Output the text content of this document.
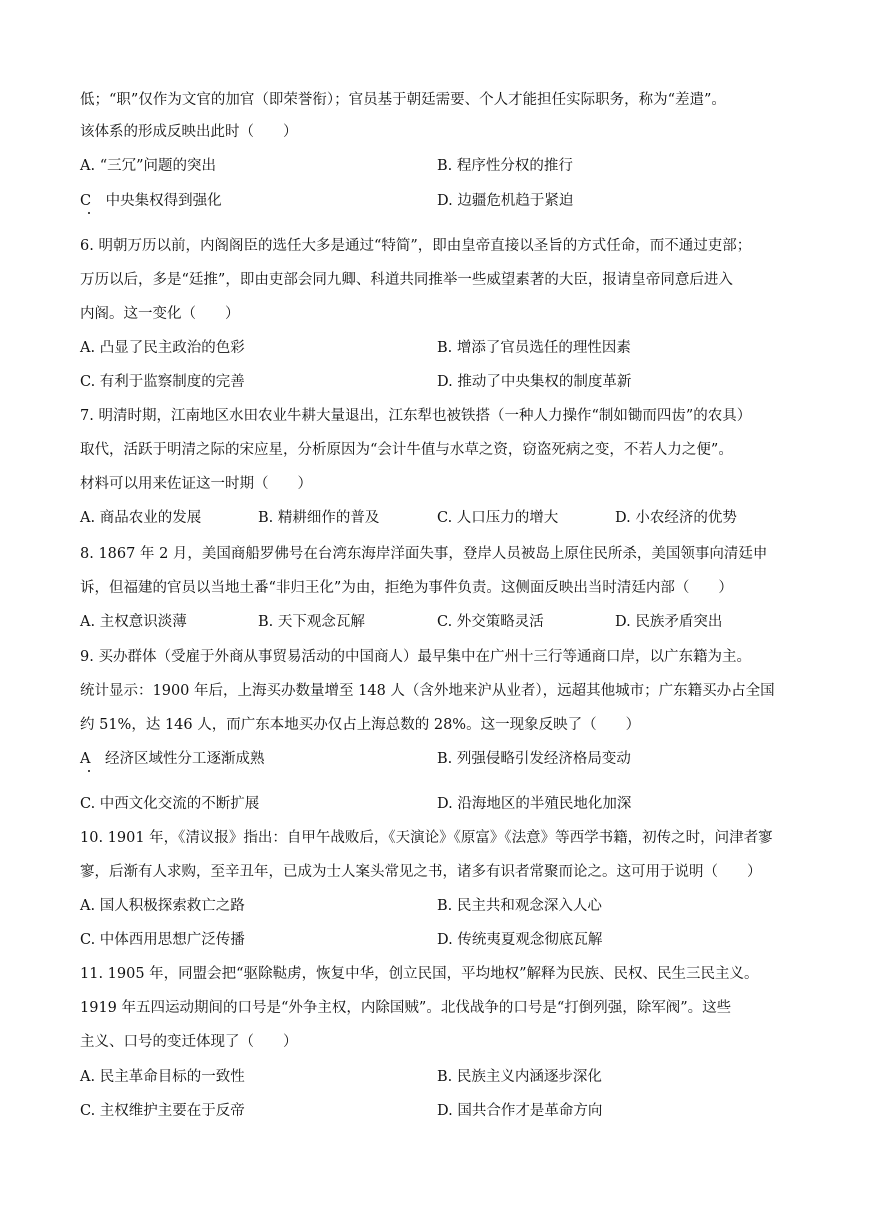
低；“职”仅作为文官的加官（即荣誉衔）；官员基于朝廷需要、个人才能担任实际职务，称为“差遣”。
该体系的形成反映出此时（　　）
A. “三冗”问题的突出	B. 程序性分权的推行
C　中央集权得到强化	D. 边疆危机趋于紧迫
6. 明朝万历以前，内阁阁臣的选任大多是通过“特简”，即由皇帝直接以圣旨的方式任命，而不通过吏部；
万历以后，多是“廷推”，即由吏部会同九卿、科道共同推举一些威望素著的大臣，报请皇帝同意后进入
内阁。这一变化（　　）
A. 凸显了民主政治的色彩	B. 增添了官员选任的理性因素
C. 有利于监察制度的完善	D. 推动了中央集权的制度革新
7. 明清时期，江南地区水田农业牛耕大量退出，江东犁也被铁搭（一种人力操作“制如锄而四齿”的农具）
取代，活跃于明清之际的宋应星，分析原因为“会计牛值与水草之资，窃盗死病之变，不若人力之便”。
材料可以用来佐证这一时期（　　）
A. 商品农业的发展	B. 精耕细作的普及	C. 人口压力的增大	D. 小农经济的优势
8. 1867 年 2 月，美国商船罗佛号在台湾东海岸洋面失事，登岸人员被岛上原住民所杀，美国领事向清廷申
诉，但福建的官员以当地土番“非归王化”为由，拒绝为事件负责。这侧面反映出当时清廷内部（　　）
A. 主权意识淡薄	B. 天下观念瓦解	C. 外交策略灵活	D. 民族矛盾突出
9. 买办群体（受雇于外商从事贸易活动的中国商人）最早集中在广州十三行等通商口岸，以广东籍为主。
统计显示：1900 年后，上海买办数量增至 148 人（含外地来沪从业者），远超其他城市；广东籍买办占全国
约 51%，达 146 人，而广东本地买办仅占上海总数的 28%。这一现象反映了（　　）
A　经济区域性分工逐渐成熟	B. 列强侵略引发经济格局变动
C. 中西文化交流的不断扩展	D. 沿海地区的半殖民地化加深
10. 1901 年，《清议报》指出：自甲午战败后，《天演论》《原富》《法意》等西学书籍，初传之时，问津者寥
寥，后渐有人求购，至辛丑年，已成为士人案头常见之书，诸多有识者常聚而论之。这可用于说明（　　）
A. 国人积极探索救亡之路	B. 民主共和观念深入人心
C. 中体西用思想广泛传播	D. 传统夷夏观念彻底瓦解
11. 1905 年，同盟会把“驱除鞑虏，恢复中华，创立民国，平均地权”解释为民族、民权、民生三民主义。
1919 年五四运动期间的口号是“外争主权，内除国贼”。北伐战争的口号是“打倒列强，除军阀”。这些
主义、口号的变迁体现了（　　）
A. 民主革命目标的一致性	B. 民族主义内涵逐步深化
C. 主权维护主要在于反帝	D. 国共合作才是革命方向
